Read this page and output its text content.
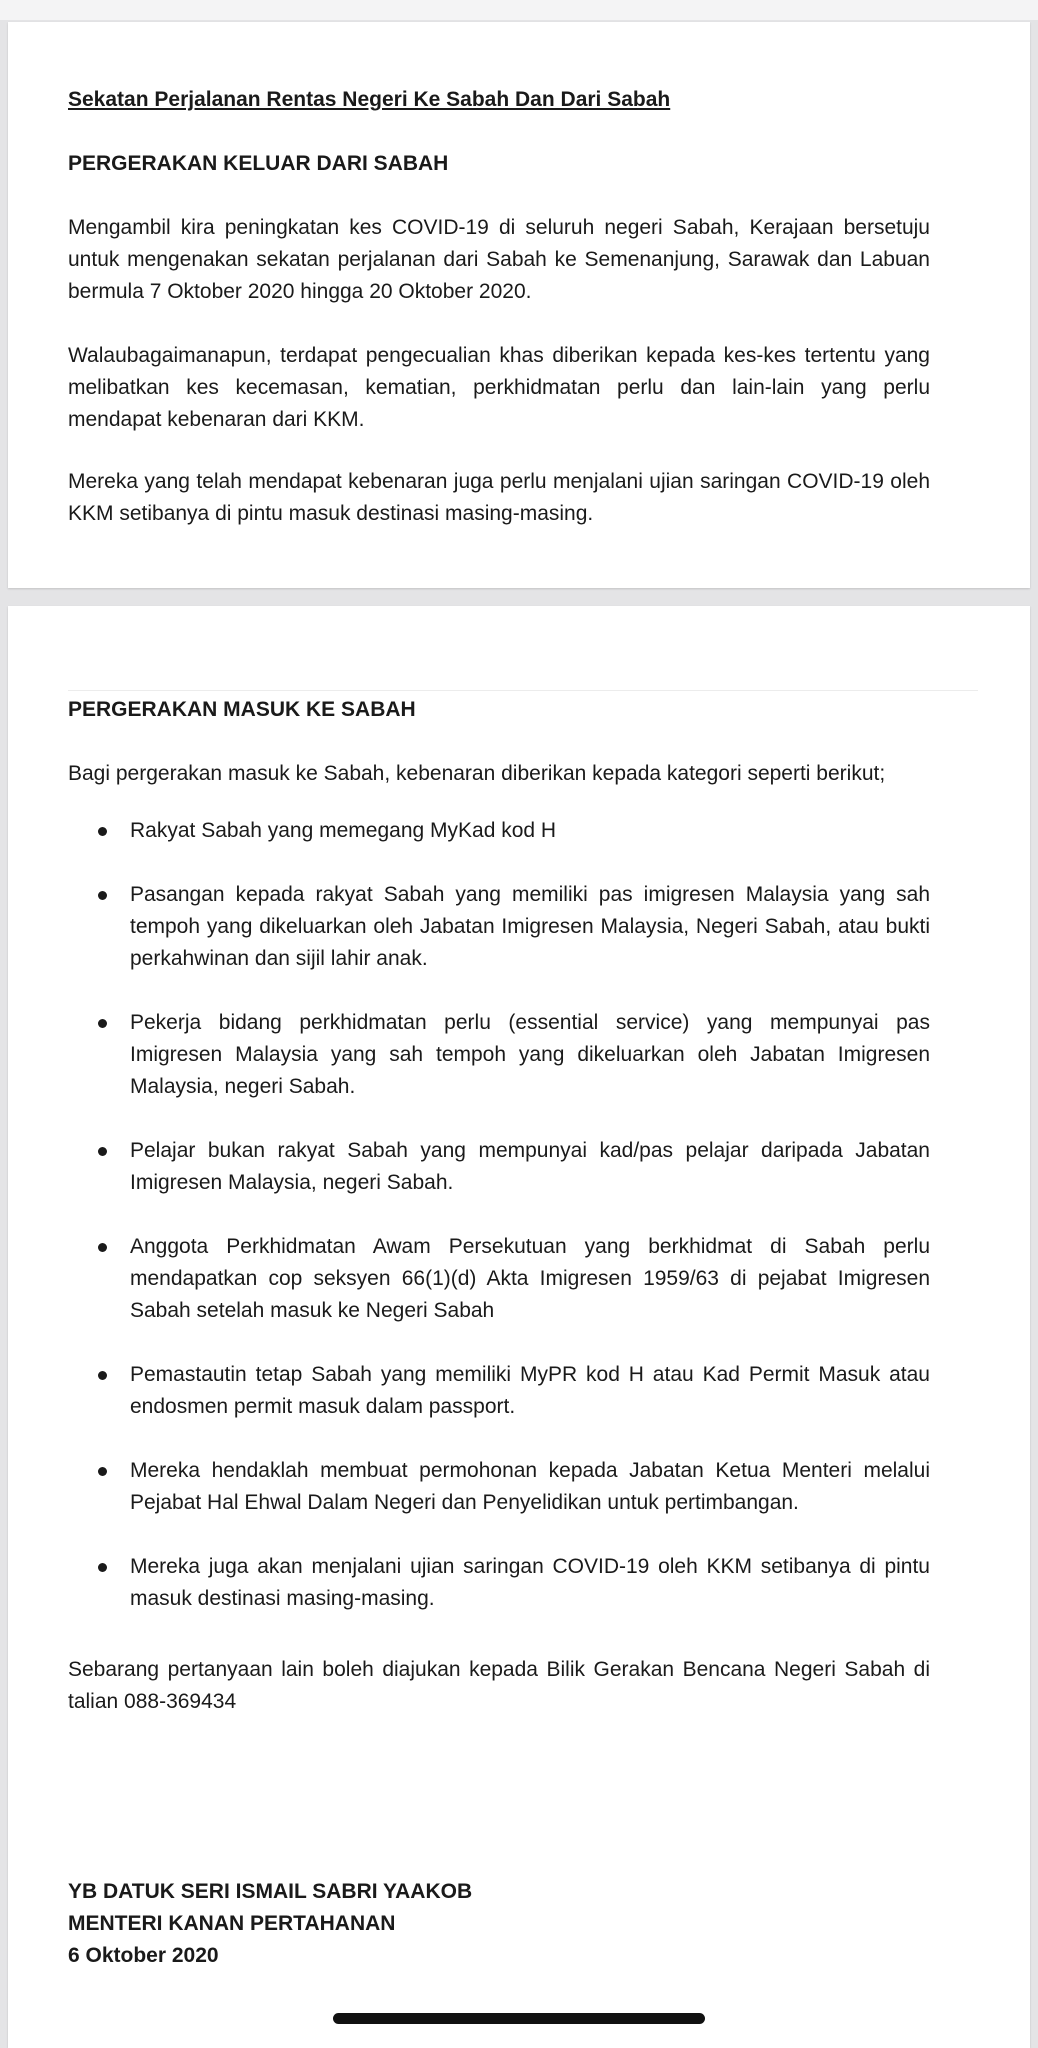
Sekatan Perjalanan Rentas Negeri Ke Sabah Dan Dari Sabah

PERGERAKAN KELUAR DARI SABAH

Mengambil kira peningkatan kes COVID-19 di seluruh negeri Sabah, Kerajaan bersetuju untuk mengenakan sekatan perjalanan dari Sabah ke Semenanjung, Sarawak dan Labuan bermula 7 Oktober 2020 hingga 20 Oktober 2020.

Walaubagaimanapun, terdapat pengecualian khas diberikan kepada kes-kes tertentu yang melibatkan kes kecemasan, kematian, perkhidmatan perlu dan lain-lain yang perlu mendapat kebenaran dari KKM.

Mereka yang telah mendapat kebenaran juga perlu menjalani ujian saringan COVID-19 oleh KKM setibanya di pintu masuk destinasi masing-masing.

PERGERAKAN MASUK KE SABAH

Bagi pergerakan masuk ke Sabah, kebenaran diberikan kepada kategori seperti berikut;

Rakyat Sabah yang memegang MyKad kod H
Pasangan kepada rakyat Sabah yang memiliki pas imigresen Malaysia yang sah tempoh yang dikeluarkan oleh Jabatan Imigresen Malaysia, Negeri Sabah, atau bukti perkahwinan dan sijil lahir anak.
Pekerja bidang perkhidmatan perlu (essential service) yang mempunyai pas Imigresen Malaysia yang sah tempoh yang dikeluarkan oleh Jabatan Imigresen Malaysia, negeri Sabah.
Pelajar bukan rakyat Sabah yang mempunyai kad/pas pelajar daripada Jabatan Imigresen Malaysia, negeri Sabah.
Anggota Perkhidmatan Awam Persekutuan yang berkhidmat di Sabah perlu mendapatkan cop seksyen 66(1)(d) Akta Imigresen 1959/63 di pejabat Imigresen Sabah setelah masuk ke Negeri Sabah
Pemastautin tetap Sabah yang memiliki MyPR kod H atau Kad Permit Masuk atau endosmen permit masuk dalam passport.
Mereka hendaklah membuat permohonan kepada Jabatan Ketua Menteri melalui Pejabat Hal Ehwal Dalam Negeri dan Penyelidikan untuk pertimbangan.
Mereka juga akan menjalani ujian saringan COVID-19 oleh KKM setibanya di pintu masuk destinasi masing-masing.

Sebarang pertanyaan lain boleh diajukan kepada Bilik Gerakan Bencana Negeri Sabah di talian 088-369434

YB DATUK SERI ISMAIL SABRI YAAKOB
MENTERI KANAN PERTAHANAN
6 Oktober 2020
